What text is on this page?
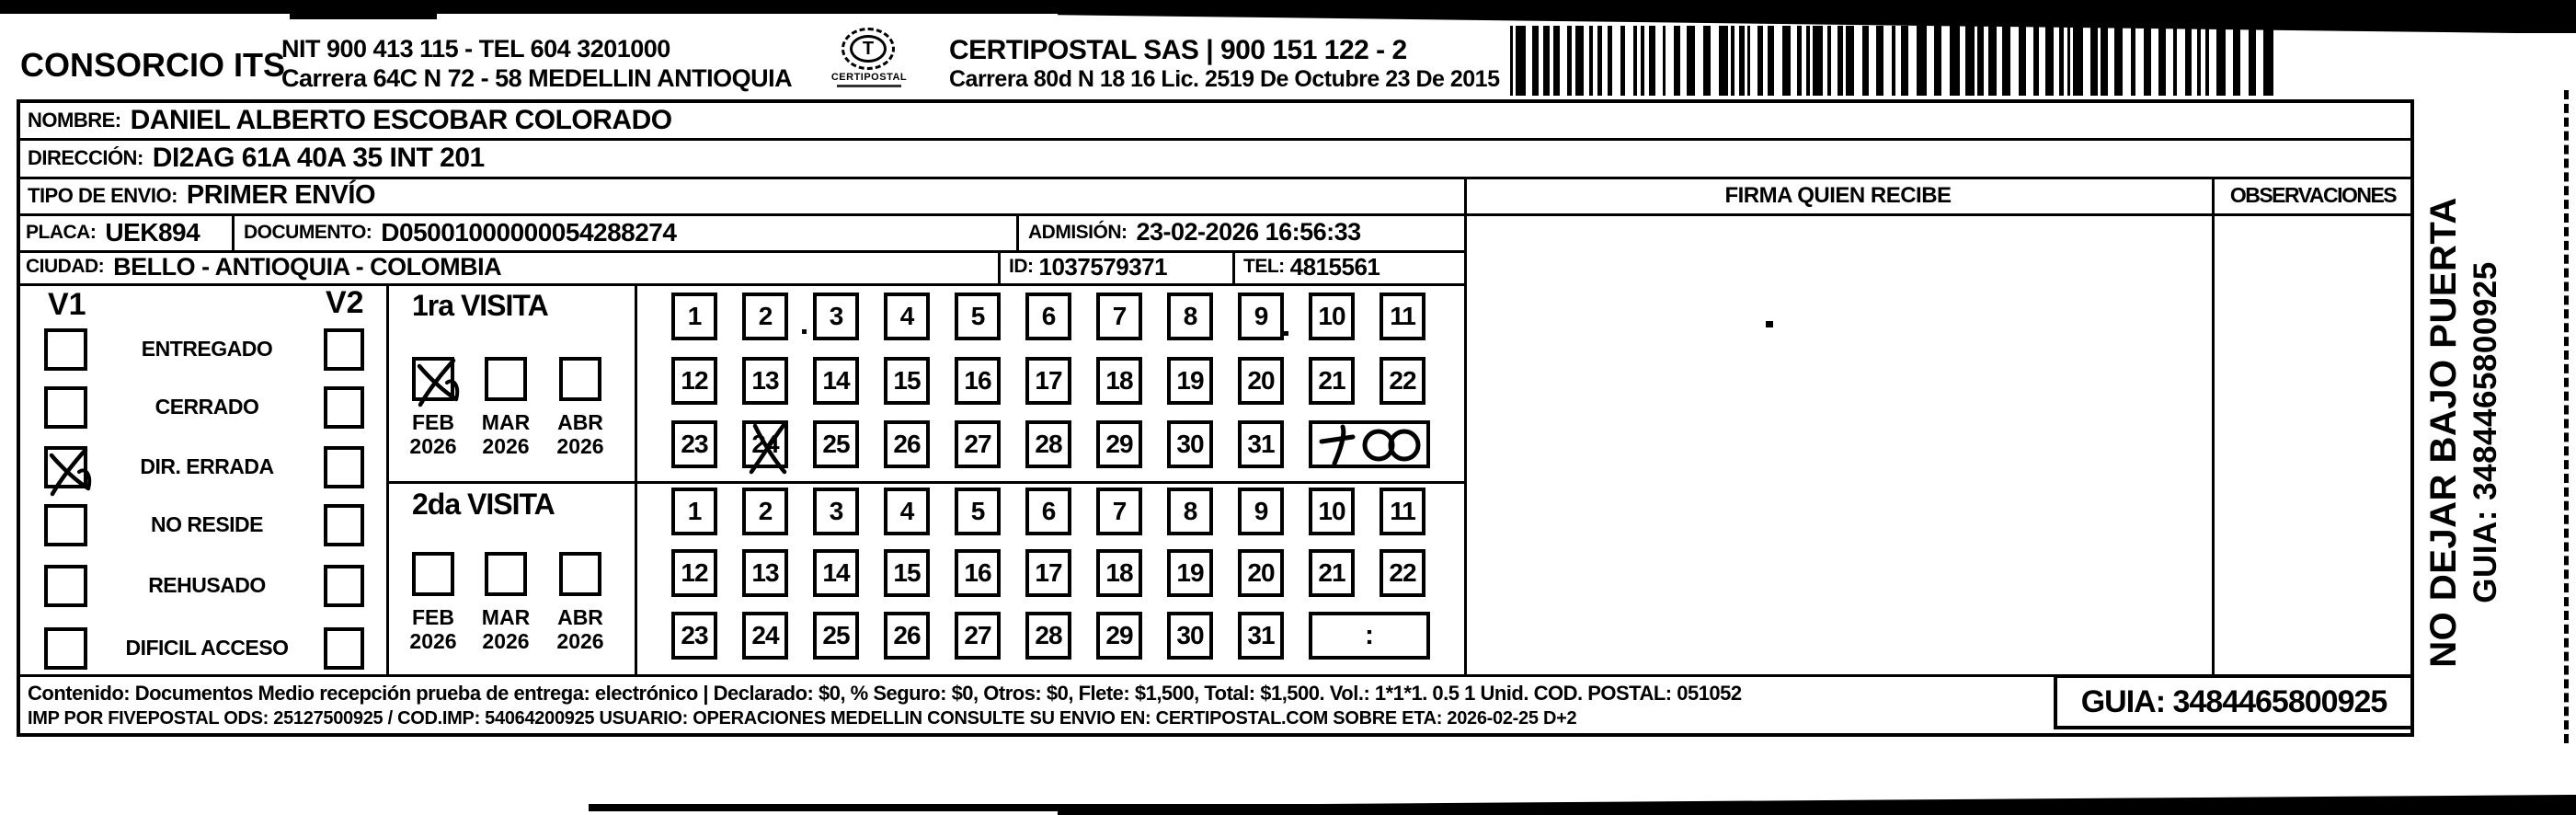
CONSORCIO ITS
NIT 900 413 115 - TEL 604 3201000
Carrera 64C N 72 - 58 MEDELLIN ANTIOQUIA
T
CERTIPOSTAL
CERTIPOSTAL SAS | 900 151 122 - 2
Carrera 80d N 18 16 Lic. 2519 De Octubre 23 De 2015
NOMBRE: DANIEL ALBERTO ESCOBAR COLORADO
DIRECCIÓN: DI2AG 61A 40A 35 INT 201
TIPO DE ENVIO: PRIMER ENVÍO
PLACA: UEK894 DOCUMENTO: D05001000000054288274	ADMISIÓN: 23-02-2026 16:56:33
CIUDAD: BELLO - ANTIOQUIA - COLOMBIA	ID: 1037579371	TEL: 4815561
FIRMA QUIEN RECIBE	OBSERVACIONES
V1	V2
ENTREGADO
CERRADO
DIR. ERRADA
NO RESIDE
REHUSADO
DIFICIL ACCESO
1ra VISITA
2da VISITA
FEB
2026
MAR
2026
ABR
2026
FEB
2026
MAR
2026
ABR
2026
1	2	3	4	5	6	7	8	9	10	11
12	13	14	15	16	17	18	19	20	21	22
23	24	25	26	27	28	29	30	31
1	2	3	4	5	6	7	8	9	10	11
12	13	14	15	16	17	18	19	20	21	22
23	24	25	26	27	28	29	30	31	:
Contenido: Documentos Medio recepción prueba de entrega: electrónico | Declarado: $0, % Seguro: $0, Otros: $0, Flete: $1,500, Total: $1,500. Vol.: 1*1*1. 0.5 1 Unid. COD. POSTAL: 051052
IMP POR FIVEPOSTAL ODS: 25127500925 / COD.IMP: 54064200925 USUARIO: OPERACIONES MEDELLIN CONSULTE SU ENVIO EN: CERTIPOSTAL.COM SOBRE ETA: 2026-02-25 D+2	GUIA: 3484465800925
NO DEJAR BAJO PUERTA GUIA: 3484465800925
